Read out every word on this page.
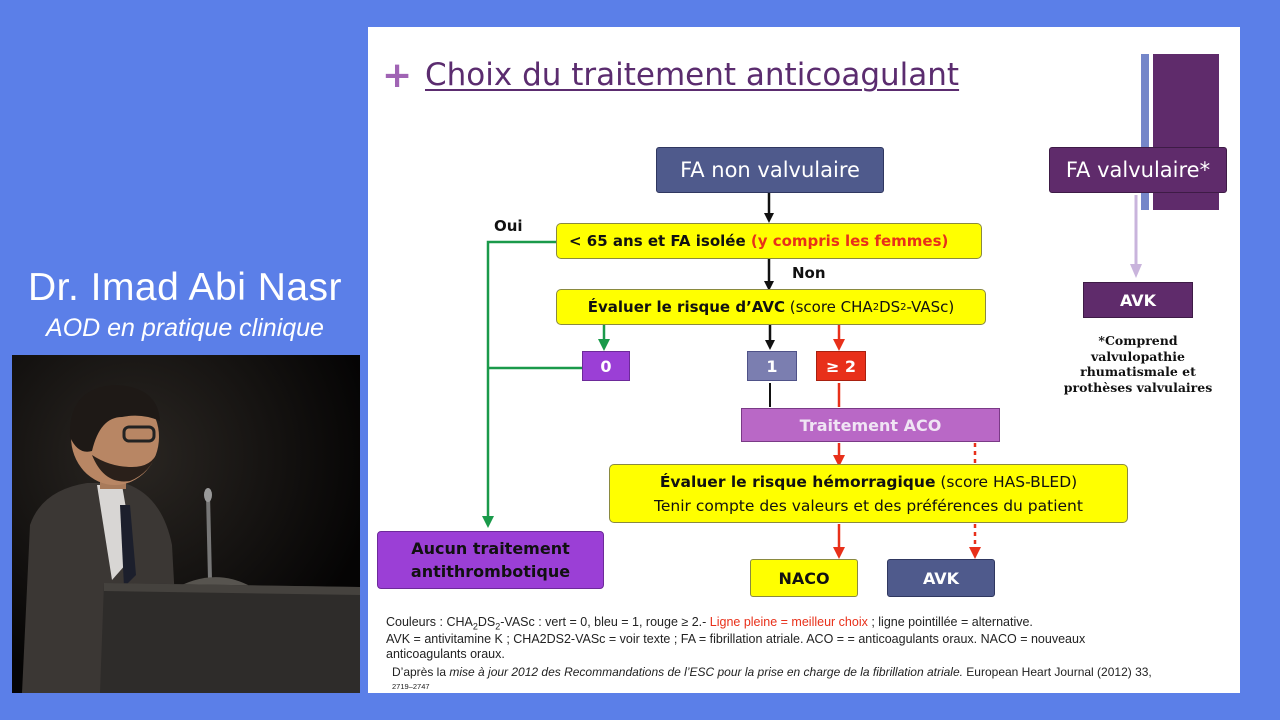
Dr. Imad Abi Nasr
AOD en pratique clinique
+ Choix du traitement anticoagulant
FA non valvulaire	FA valvulaire*
AVK
*Comprend
valvulopathie
rhumatismale et
prothèses valvulaires
Oui
Non
< 65 ans et FA isolée (y compris les femmes)
Évaluer le risque d’AVC (score CHA 2 DS 2 -VASc)
0	1	≥ 2
Traitement ACO
Évaluer le risque hémorragique (score HAS-BLED)
Tenir compte des valeurs et des préférences du patient
Aucun traitement
antithrombotique	NACO	AVK
Couleurs : $CHA_2DS_2$-VASc : vert = 0, bleu = 1, rouge ≥ 2.- Ligne pleine = meilleur choix ; ligne pointillée = alternative.
AVK = antivitamine K ; CHA2DS2-VASc = voir texte ; FA = fibrillation atriale. ACO = = anticoagulants oraux. NACO = nouveaux
anticoagulants oraux.
D’après la mise à jour 2012 des Recommandations de l’ESC pour la prise en charge de la fibrillation atriale. European Heart Journal (2012) 33,
2719–2747
